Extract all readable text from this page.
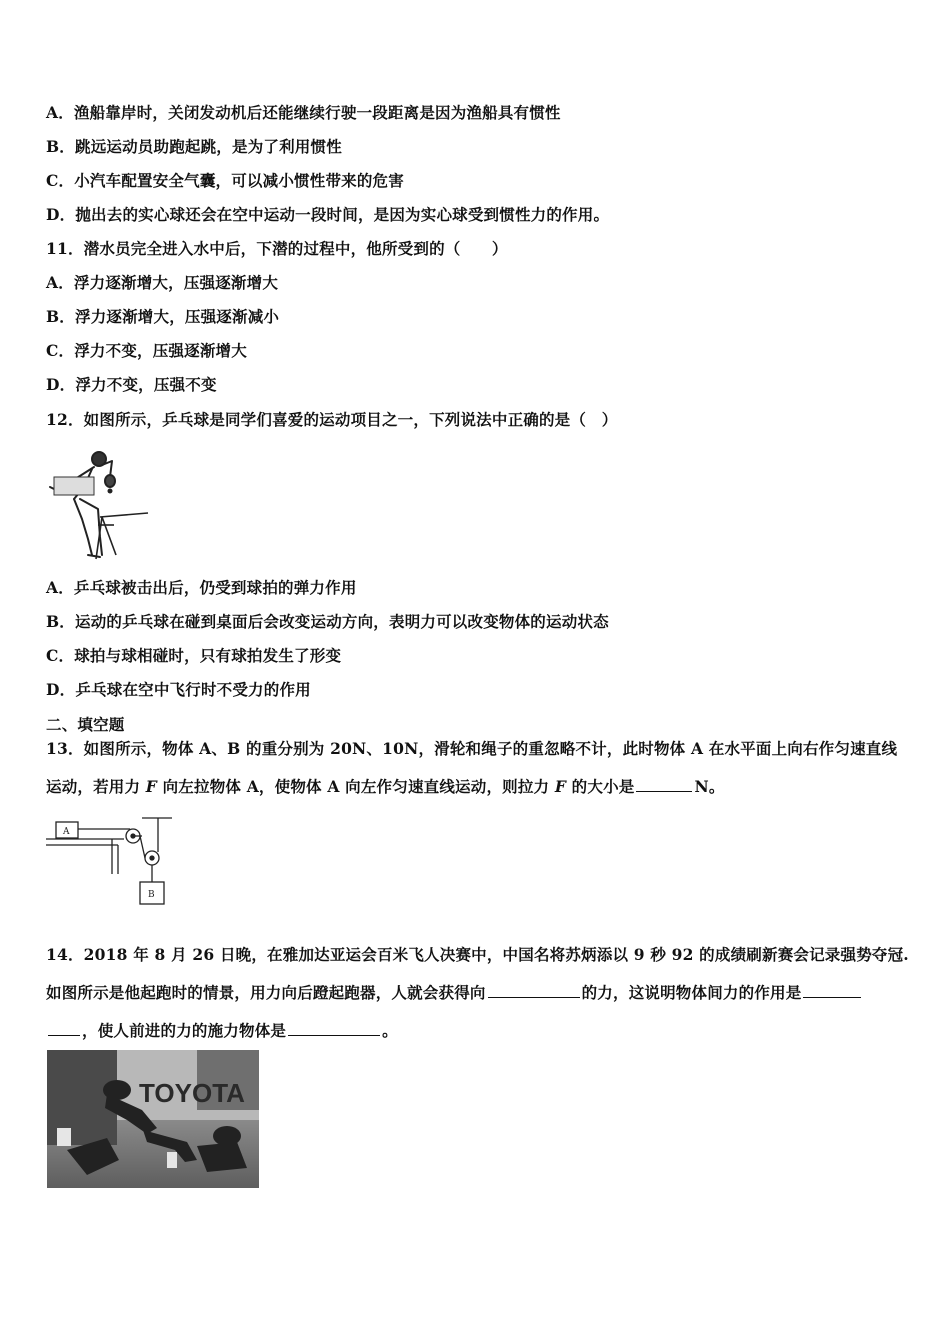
A．渔船靠岸时，关闭发动机后还能继续行驶一段距离是因为渔船具有惯性
B．跳远运动员助跑起跳，是为了利用惯性
C．小汽车配置安全气囊，可以减小惯性带来的危害
D．抛出去的实心球还会在空中运动一段时间，是因为实心球受到惯性力的作用。
11．潜水员完全进入水中后，下潜的过程中，他所受到的（　　）
A．浮力逐渐增大，压强逐渐增大
B．浮力逐渐增大，压强逐渐减小
C．浮力不变，压强逐渐增大
D．浮力不变，压强不变
12．如图所示，乒乓球是同学们喜爱的运动项目之一，下列说法中正确的是（　）
A．乒乓球被击出后，仍受到球拍的弹力作用
B．运动的乒乓球在碰到桌面后会改变运动方向，表明力可以改变物体的运动状态
C．球拍与球相碰时，只有球拍发生了形变
D．乒乓球在空中飞行时不受力的作用
二、填空题
13．如图所示，物体 A、B 的重分别为 20N、10N，滑轮和绳子的重忽略不计，此时物体 A 在水平面上向右作匀速直线
运动，若用力 F 向左拉物体 A，使物体 A 向左作匀速直线运动，则拉力 F 的大小是	N。
A
B
14．2018 年 8 月 26 日晚，在雅加达亚运会百米飞人决赛中，中国名将苏炳添以 9 秒 92 的成绩刷新赛会记录强势夺冠.
如图所示是他起跑时的情景，用力向后蹬起跑器，人就会获得向	的力，这说明物体间力的作用是
，使人前进的力的施力物体是	。
TOYOTA
